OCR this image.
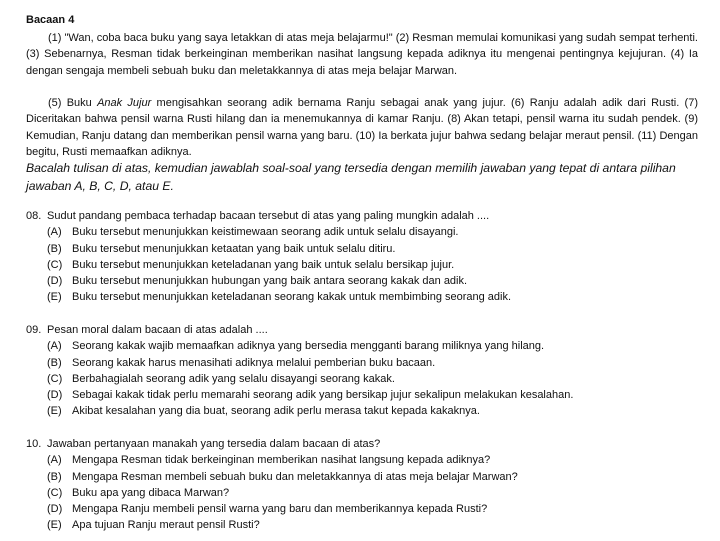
Bacaan 4

(1) "Wan, coba baca buku yang saya letakkan di atas meja belajarmu!" (2) Resman memulai komunikasi yang sudah sempat terhenti. (3) Sebenarnya, Resman tidak berkeinginan memberikan nasihat langsung kepada adiknya itu mengenai pentingnya kejujuran. (4) Ia dengan sengaja membeli sebuah buku dan meletakkannya di atas meja belajar Marwan.

(5) Buku Anak Jujur mengisahkan seorang adik bernama Ranju sebagai anak yang jujur. (6) Ranju adalah adik dari Rusti. (7) Diceritakan bahwa pensil warna Rusti hilang dan ia menemukannya di kamar Ranju. (8) Akan tetapi, pensil warna itu sudah pendek. (9) Kemudian, Ranju datang dan memberikan pensil warna yang baru. (10) Ia berkata jujur bahwa sedang belajar meraut pensil. (11) Dengan begitu, Rusti memaafkan adiknya.

Bacalah tulisan di atas, kemudian jawablah soal-soal yang tersedia dengan memilih jawaban yang tepat di antara pilihan jawaban A, B, C, D, atau E.

08. Sudut pandang pembaca terhadap bacaan tersebut di atas yang paling mungkin adalah ....
(A) Buku tersebut menunjukkan keistimewaan seorang adik untuk selalu disayangi.
(B) Buku tersebut menunjukkan ketaatan yang baik untuk selalu ditiru.
(C) Buku tersebut menunjukkan keteladanan yang baik untuk selalu bersikap jujur.
(D) Buku tersebut menunjukkan hubungan yang baik antara seorang kakak dan adik.
(E) Buku tersebut menunjukkan keteladanan seorang kakak untuk membimbing seorang adik.
09. Pesan moral dalam bacaan di atas adalah ....
(A) Seorang kakak wajib memaafkan adiknya yang bersedia mengganti barang miliknya yang hilang.
(B) Seorang kakak harus menasihati adiknya melalui pemberian buku bacaan.
(C) Berbahagialah seorang adik yang selalu disayangi seorang kakak.
(D) Sebagai kakak tidak perlu memarahi seorang adik yang bersikap jujur sekalipun melakukan kesalahan.
(E) Akibat kesalahan yang dia buat, seorang adik perlu merasa takut kepada kakaknya.
10. Jawaban pertanyaan manakah yang tersedia dalam bacaan di atas?
(A) Mengapa Resman tidak berkeinginan memberikan nasihat langsung kepada adiknya?
(B) Mengapa Resman membeli sebuah buku dan meletakkannya di atas meja belajar Marwan?
(C) Buku apa yang dibaca Marwan?
(D) Mengapa Ranju membeli pensil warna yang baru dan memberikannya kepada Rusti?
(E) Apa tujuan Ranju meraut pensil Rusti?
